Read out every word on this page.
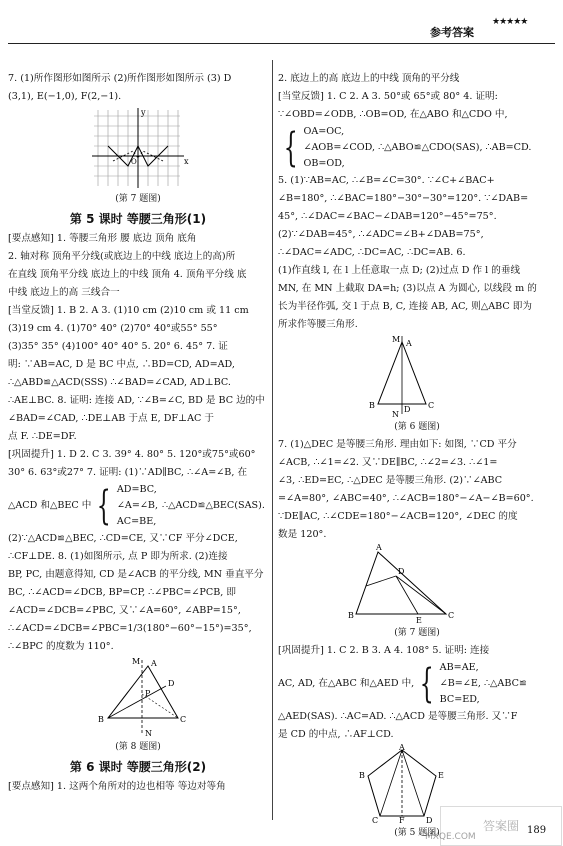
参考答案
★★★★★

7. (1)所作图形如图所示 (2)所作图形如图所示 (3) D

(3,1), E(−1,0), F(2,−1).

y
x
O

(第 7 题图)

第 5 课时 等腰三角形(1)

[要点感知] 1. 等腰三角形 腰 底边 顶角 底角

2. 轴对称 顶角平分线(或底边上的中线 底边上的高)所

在直线 顶角平分线 底边上的中线 顶角 4. 顶角平分线 底

中线 底边上的高 三线合一

[当堂反馈] 1. B 2. A 3. (1)10 cm (2)10 cm 或 11 cm

(3)19 cm 4. (1)70° 40° (2)70° 40°或55° 55°

(3)35° 35° (4)100° 40° 40° 5. 20° 6. 45° 7. 证

明: ∵AB=AC, D 是 BC 中点, ∴BD=CD, AD=AD,

∴△ABD≌△ACD(SSS) ∴∠BAD=∠CAD, AD⊥BC.

∴AE⊥BC. 8. 证明: 连接 AD, ∵∠B=∠C, BD 是 BC 边的中

∠BAD=∠CAD, ∴DE⊥AB 于点 E, DF⊥AC 于

点 F. ∴DE=DF.

[巩固提升] 1. D 2. C 3. 39° 4. 80° 5. 120°或75°或60°

30° 6. 63°或27° 7. 证明: (1)∵AD∥BC, ∴∠A=∠B, 在

△ACD 和△BEC 中 { AD=BC,

∠A=∠B,

AC=BE,

∴△ACD≌△BEC(SAS).

(2)∵△ACD≌△BEC, ∴CD=CE, 又∵CF 平分∠DCE,

∴CF⊥DE. 8. (1)如图所示, 点 P 即为所求. (2)连接

BP, PC, 由题意得知, CD 是∠ACB 的平分线, MN 垂直平分

BC, ∴∠ACD=∠DCB, BP=CP, ∴∠PBC=∠PCB, 即

∠ACD=∠DCB=∠PBC, 又∵∠A=60°, ∠ABP=15°,

∴∠ACD=∠DCB=∠PBC=1/3(180°−60°−15°)=35°,

∴∠BPC 的度数为 110°.

M A
B	C
D
P
N

(第 8 题图)

第 6 课时 等腰三角形(2)

[要点感知] 1. 这两个角所对的边也相等 等边对等角

2. 底边上的高 底边上的中线 顶角的平分线

[当堂反馈] 1. C 2. A 3. 50°或 65°或 80° 4. 证明:

∵∠OBD=∠ODB, ∴OB=OD, 在△ABO 和△CDO 中,

{ OA=OC,

∠AOB=∠COD, ∴△ABO≌△CDO(SAS), ∴AB=CD.

OB=OD,

5. (1)∵AB=AC, ∴∠B=∠C=30°. ∵∠C+∠BAC+

∠B=180°, ∴∠BAC=180°−30°−30°=120°. ∵∠DAB=

45°, ∴∠DAC=∠BAC−∠DAB=120°−45°=75°.

(2)∵∠DAB=45°, ∴∠ADC=∠B+∠DAB=75°,

∴∠DAC=∠ADC, ∴DC=AC, ∴DC=AB. 6.

(1)作直线 l, 在 l 上任意取一点 D; (2)过点 D 作 l 的垂线

MN, 在 MN 上截取 DA=h; (3)以点 A 为圆心, 以线段 m 的

长为半径作弧, 交 l 于点 B, C, 连接 AB, AC, 则△ABC 即为

所求作等腰三角形.

M A
B	C
D
N

(第 6 题图)

7. (1)△DEC 是等腰三角形. 理由如下: 如图, ∵CD 平分

∠ACB, ∴∠1=∠2. 又∵DE∥BC, ∴∠2=∠3. ∴∠1=

∠3, ∴ED=EC, ∴△DEC 是等腰三角形. (2)∵∠ABC

=∠A=80°, ∠ABC=40°, ∴∠ACB=180°−∠A−∠B=60°.

∵DE∥AC, ∴∠CDE=180°−∠ACB=120°, ∠DEC 的度

数是 120°.

A
B	C
D
E

(第 7 题图)

[巩固提升] 1. C 2. B 3. A 4. 108° 5. 证明: 连接

AC, AD, 在△ABC 和△AED 中, { AB=AE,

∠B=∠E, ∴△ABC≌

BC=ED,

△AED(SAS). ∴AC=AD. ∴△ACD 是等腰三角形. 又∵F

是 CD 的中点, ∴AF⊥CD.

A
B	E
C	F	D

(第 5 题图)	答案圈
MXQE.COM
189
